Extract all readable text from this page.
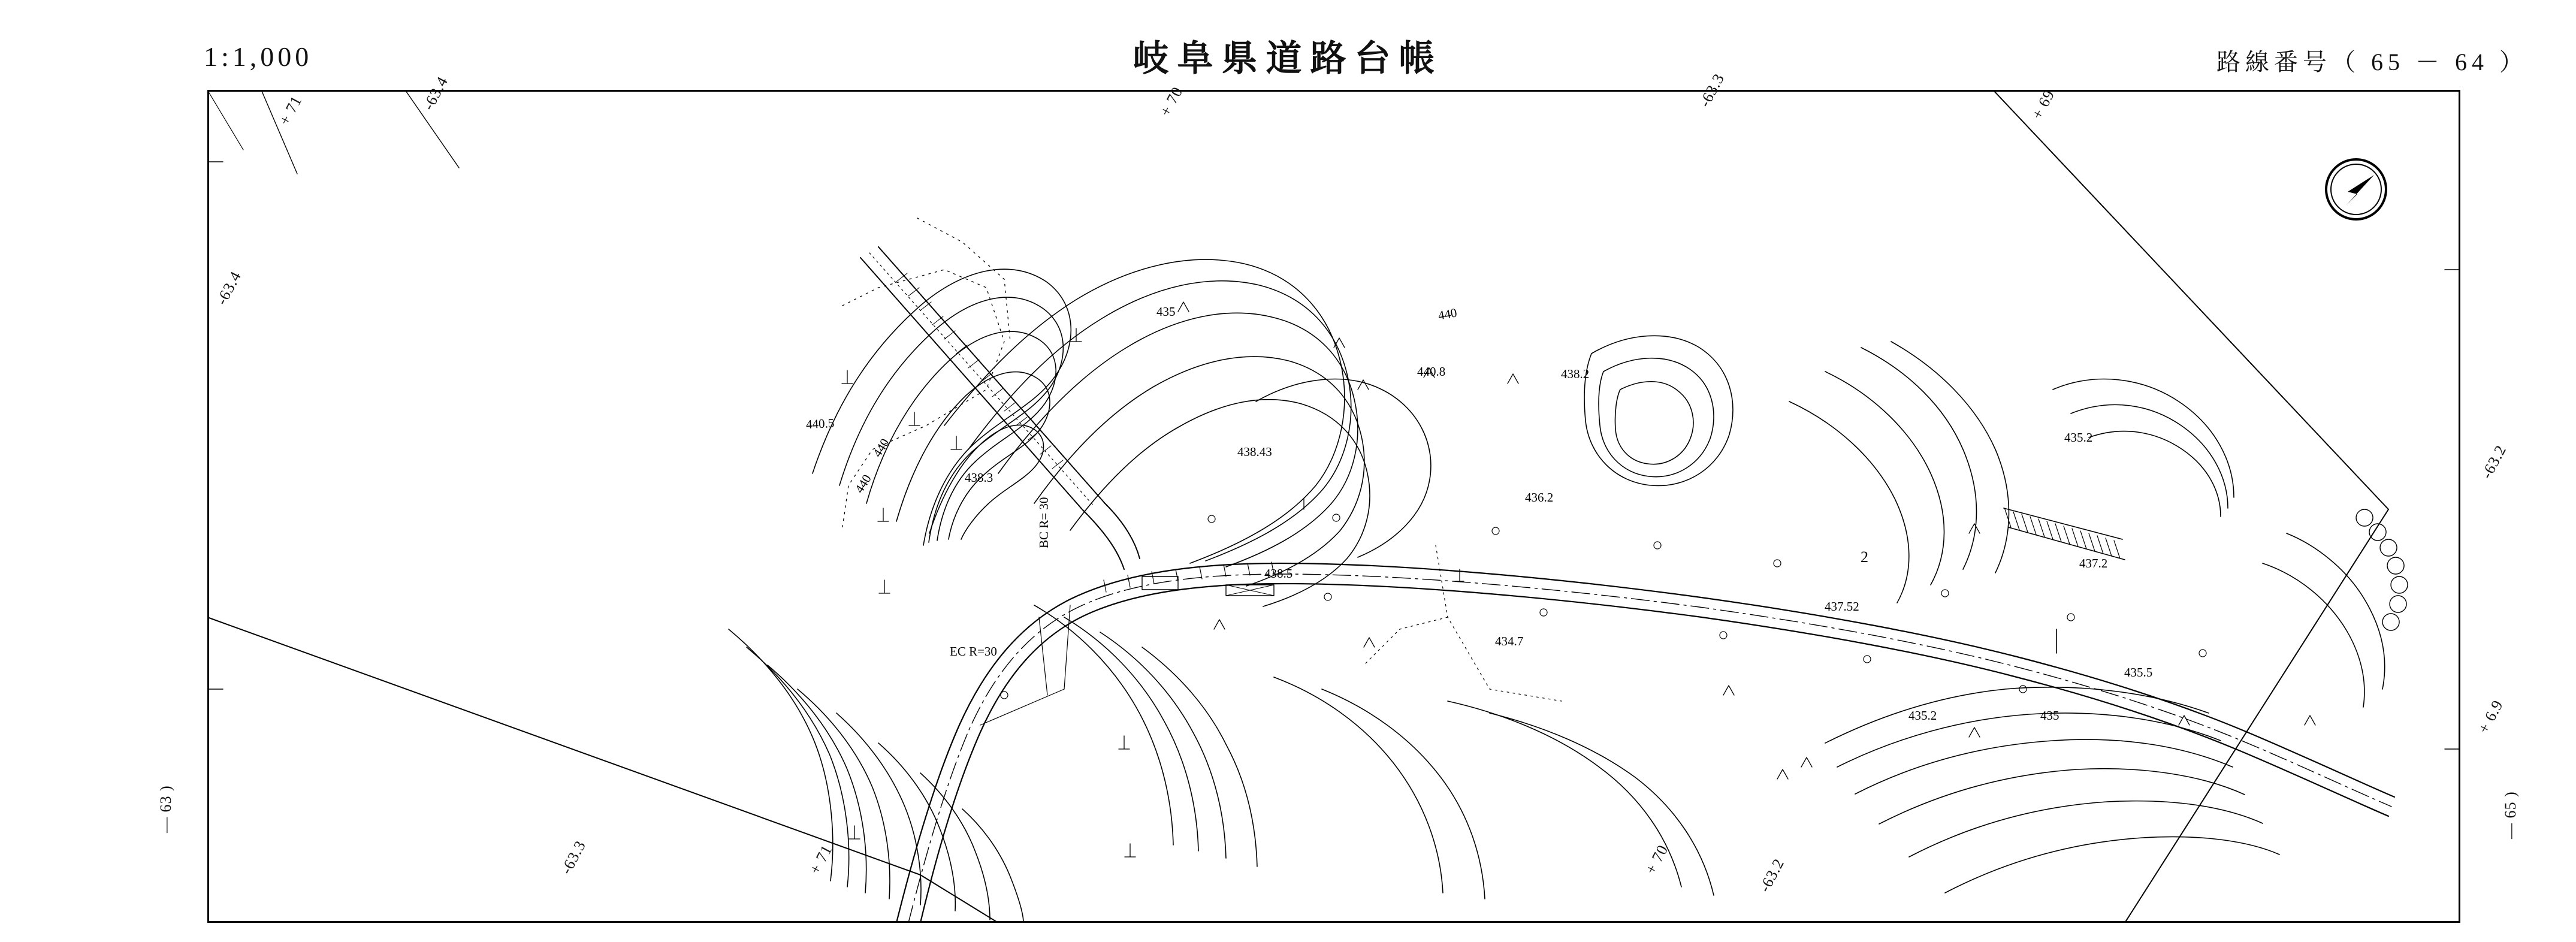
1:1,000	岐阜県道路台帳	路線番号（ 65 － 64 ）
+ 71	-63.4	+ 70	-63.3	+ 69
-63.2
-63.4
— 63 )
+ 6.9
— 65 )
-63.3	+ 71	+ 70	-63.2
440.5
440
440
435	440
440.8	438.2
438.3
438.43
436.2
438.5
434.7
437.52
437.2
435.2
435.5
435
435.2
BC R= 30
EC R=30
2
